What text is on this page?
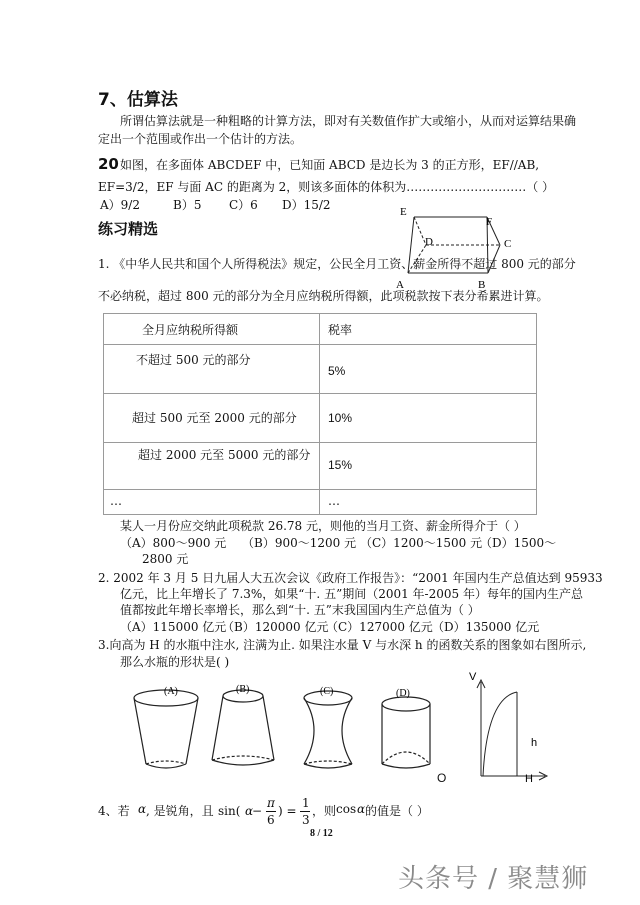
7、估算法
所谓估算法就是一种粗略的计算方法，即对有关数值作扩大或缩小，从而对运算结果确
定出一个范围或作出一个估计的方法。
20 如图，在多面体 ABCDEF 中，已知面 ABCD 是边长为 3 的正方形，EF//AB,
EF=3/2，EF 与面 AC 的距离为 2，则该多面体的体积为…………………………（ ）
A）9/2	B）5 C）6 D）15/2	E
F
D	C
A	B
练习精选
1. 《中华人民共和国个人所得税法》规定，公民全月工资、薪金所得不超过 800 元的部分
不必纳税，超过 800 元的部分为全月应纳税所得额，此项税款按下表分希累进计算。
全月应纳税所得额	税率

不超过 500 元的部分	5%

超过 500 元至 2000 元的部分	10%

超过 2000 元至 5000 元的部分	15%

…	…
某人一月份应交纳此项税款 26.78 元，则他的当月工资、薪金所得介于（ ）
（A）800～900 元 （B）900～1200 元 （C）1200～1500 元
（D）1500～
2800 元
2. 2002 年 3 月 5 日九届人大五次会议《政府工作报告》：“2001 年国内生产总值达到 95933
亿元，比上年增长了 7.3%，如果“十. 五”期间（2001 年-2005 年）每年的国内生产总
值都按此年增长率增长，那么到“十. 五”末我国国内生产总值为（ ）
（A）115000 亿元
（B）120000 亿元
（C）127000 亿元 （D）135000 亿元
3.向高为 H 的水瓶中注水, 注满为止. 如果注水量 V 与水深 h 的函数关系的图象如右图所示,
那么水瓶的形状是( )
(A)	(B)	(C)	(D)
V
h
H
O
4、若 α , 是锐角，且 sin( α
−
π
6
) =
1
3
，则 cos α 的值是（ ）
8 / 12
头条号 / 聚慧狮
